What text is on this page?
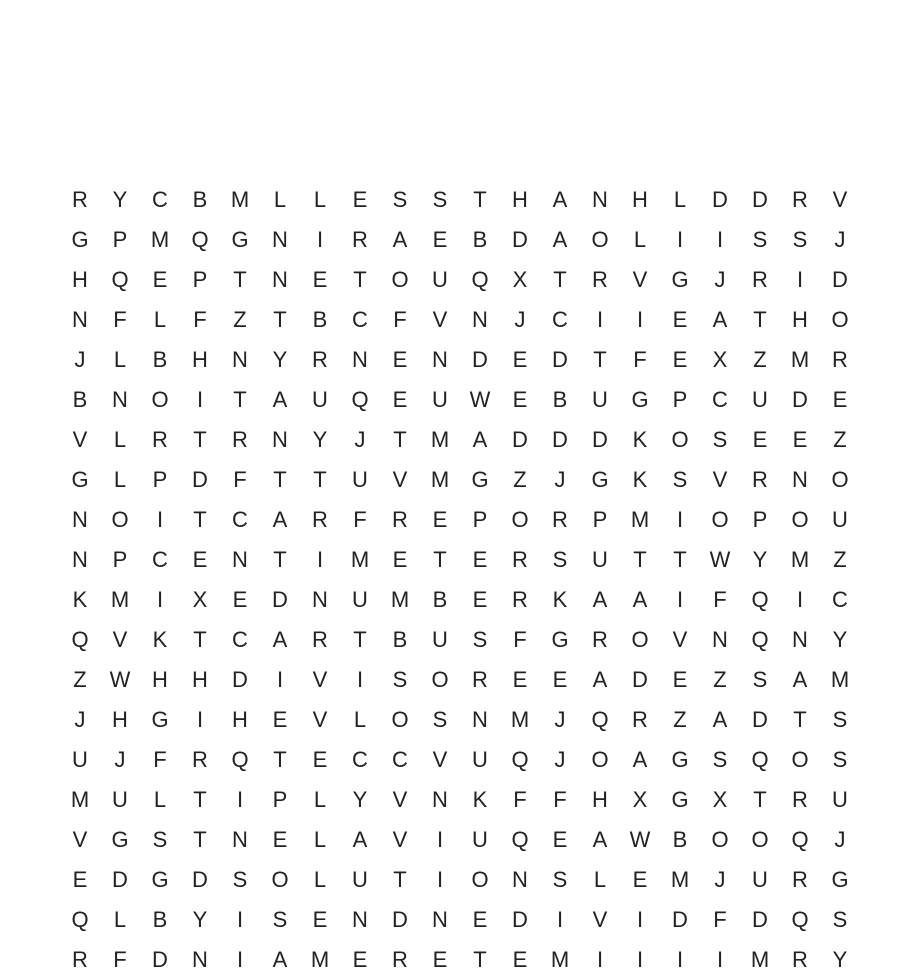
R	Y	C	B	M	L	L	E	S	S	T	H	A	N	H	L	D	D	R	V
G	P	M	Q	G	N	I	R	A	E	B	D	A	O	L	I	I	S	S	J
H	Q	E	P	T	N	E	T	O	U	Q	X	T	R	V	G	J	R	I	D
N	F	L	F	Z	T	B	C	F	V	N	J	C	I	I	E	A	T	H	O
J	L	B	H	N	Y	R	N	E	N	D	E	D	T	F	E	X	Z	M	R
B	N	O	I	T	A	U	Q	E	U W	E	B	U	G	P	C	U	D	E
V	L	R	T	R	N	Y	J	T	M	A	D	D	D	K	O	S	E	E	Z
G	L	P	D	F	T	T	U	V	M	G	Z	J	G	K	S	V	R	N	O
N	O	I	T	C	A	R	F	R	E	P	O	R	P	M	I	O	P	O	U
N	P	C	E	N	T	I	M	E	T	E	R	S	U	T	T	W	Y	M	Z
K	M	I	X	E	D	N	U	M	B	E	R	K	A	A	I	F	Q	I	C
Q	V	K	T	C	A	R	T	B	U	S	F	G	R	O	V	N	Q	N	Y
Z	W H	H	D	I	V	I	S	O	R	E	E	A	D	E	Z	S	A	M
J	H	G	I	H	E	V	L	O	S	N	M	J	Q	R	Z	A	D	T	S
U	J	F	R	Q	T	E	C	C	V	U	Q	J	O	A	G	S	Q	O	S
M	U	L	T	I	P	L	Y	V	N	K	F	F	H	X	G	X	T	R	U
V	G	S	T	N	E	L	A	V	I	U	Q	E	A	W	B	O	O	Q	J
E	D	G	D	S	O	L	U	T	I	O	N	S	L	E	M	J	U	R	G
Q	L	B	Y	I	S	E	N	D	N	E	D	I	V	I	D	F	D	Q	S
R	F	D	N	I	A	M	E	R	E	T	E	M	I	I	I	I	M	R	Y
